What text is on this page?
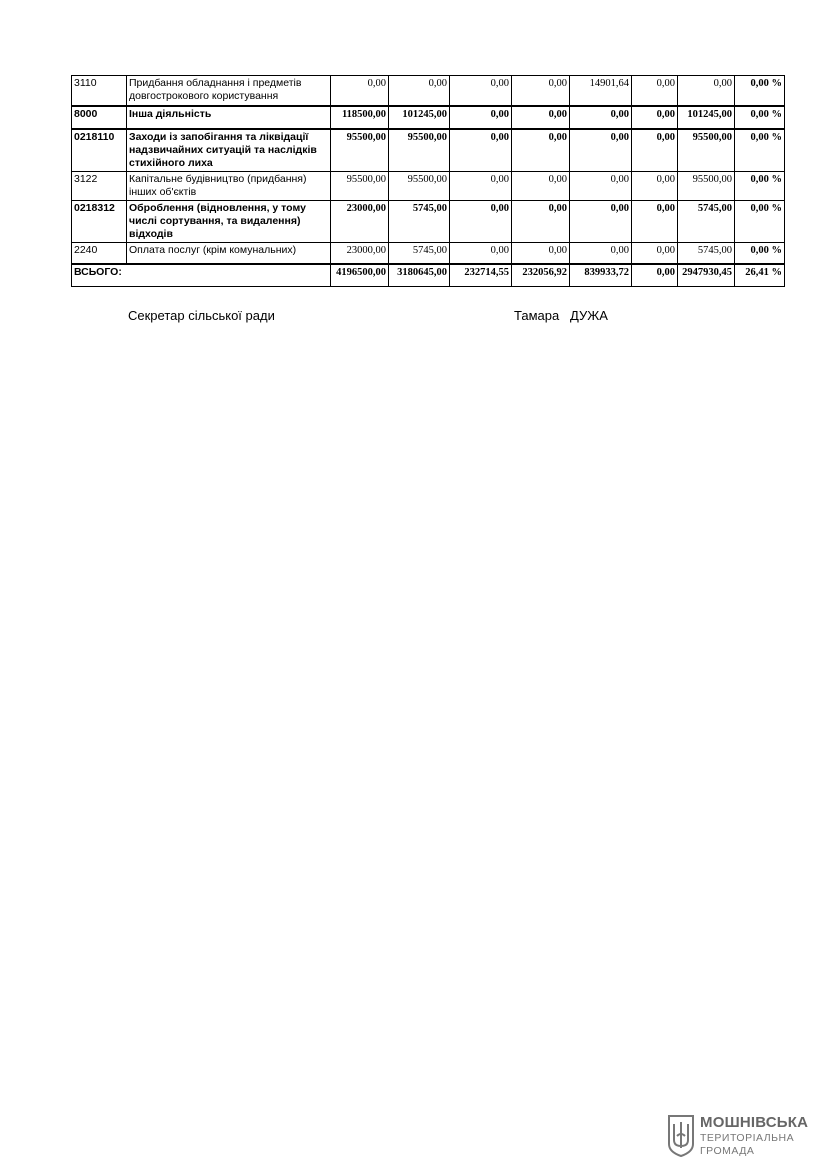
3110	Придбання обладнання і предметів довгострокового користування	0,00	0,00	0,00	0,00	14901,64	0,00	0,00	0,00 %
8000	Інша діяльність	118500,00	101245,00	0,00	0,00	0,00	0,00	101245,00	0,00 %
0218110	Заходи із запобігання та ліквідації надзвичайних ситуацій та наслідків стихійного лиха	95500,00	95500,00	0,00	0,00	0,00	0,00	95500,00	0,00 %
3122	Капітальне будівництво (придбання) інших об'єктів	95500,00	95500,00	0,00	0,00	0,00	0,00	95500,00	0,00 %
0218312	Оброблення (відновлення, у тому числі сортування, та видалення) відходів	23000,00	5745,00	0,00	0,00	0,00	0,00	5745,00	0,00 %
2240	Оплата послуг (крім комунальних)	23000,00	5745,00	0,00	0,00	0,00	0,00	5745,00	0,00 %
ВСЬОГО:		4196500,00	3180645,00	232714,55	232056,92	839933,72	0,00	2947930,45	26,41 %
Секретар сільської ради	Тамара   ДУЖА
МОШНІВСЬКА
ТЕРИТОРІАЛЬНА
ГРОМАДА
